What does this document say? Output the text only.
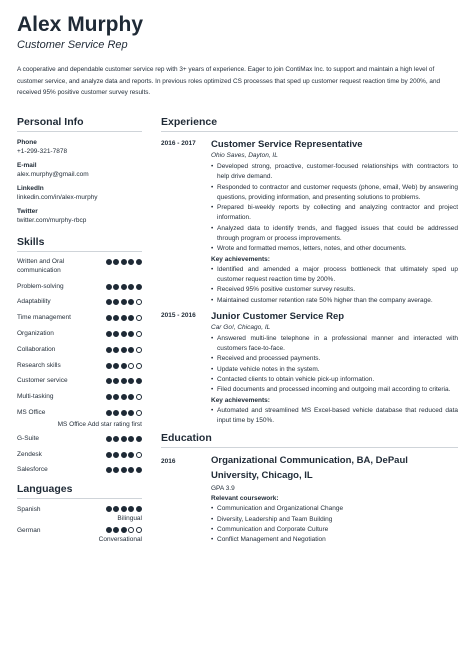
Alex Murphy
Customer Service Rep
A cooperative and dependable customer service rep with 3+ years of experience. Eager to join ContiMax Inc. to support and maintain a high level of customer service, and analyze data and reports. In previous roles optimized CS processes that sped up customer request reaction time by 200%, and received 95% positive customer survey results.
Personal Info
Phone
+1-299-321-7878
E-mail
alex.murphy@gmail.com
LinkedIn
linkedin.com/in/alex-murphy
Twitter
twitter.com/murphy-rbcp
Skills
Written and Oral communication
Problem-solving
Adaptability
Time management
Organization
Collaboration
Research skills
Customer service
Multi-tasking
MS Office
MS Office Add star rating first
G-Suite
Zendesk
Salesforce
Languages
Spanish
Bilingual
German
Conversational
Experience
2016 - 2017	Customer Service Representative
Ohio Saves, Dayton, IL
• Developed strong, proactive, customer-focused relationships with contractors to help drive demand.
• Responded to contractor and customer requests (phone, email, Web) by answering questions, providing information, and presenting solutions to problems.
• Prepared bi-weekly reports by collecting and analyzing contractor and project information.
• Analyzed data to identify trends, and flagged issues that could be addressed through program or process improvements.
• Wrote and formatted memos, letters, notes, and other documents.
Key achievements:
• Identified and amended a major process bottleneck that ultimately sped up customer request reaction time by 200%.
• Received 95% positive customer survey results.
• Maintained customer retention rate 50% higher than the company average.
2015 - 2016	Junior Customer Service Rep
Car Go!, Chicago, IL
• Answered multi-line telephone in a professional manner and interacted with customers face-to-face.
• Received and processed payments.
• Update vehicle notes in the system.
• Contacted clients to obtain vehicle pick-up information.
• Filed documents and processed incoming and outgoing mail according to criteria.
Key achievements:
• Automated and streamlined MS Excel-based vehicle database that reduced data input time by 150%.
Education
2016	Organizational Communication, BA, DePaul University, Chicago, IL
GPA 3.9
Relevant coursework:
• Communication and Organizational Change
• Diversity, Leadership and Team Building
• Communication and Corporate Culture
• Conflict Management and Negotiation
